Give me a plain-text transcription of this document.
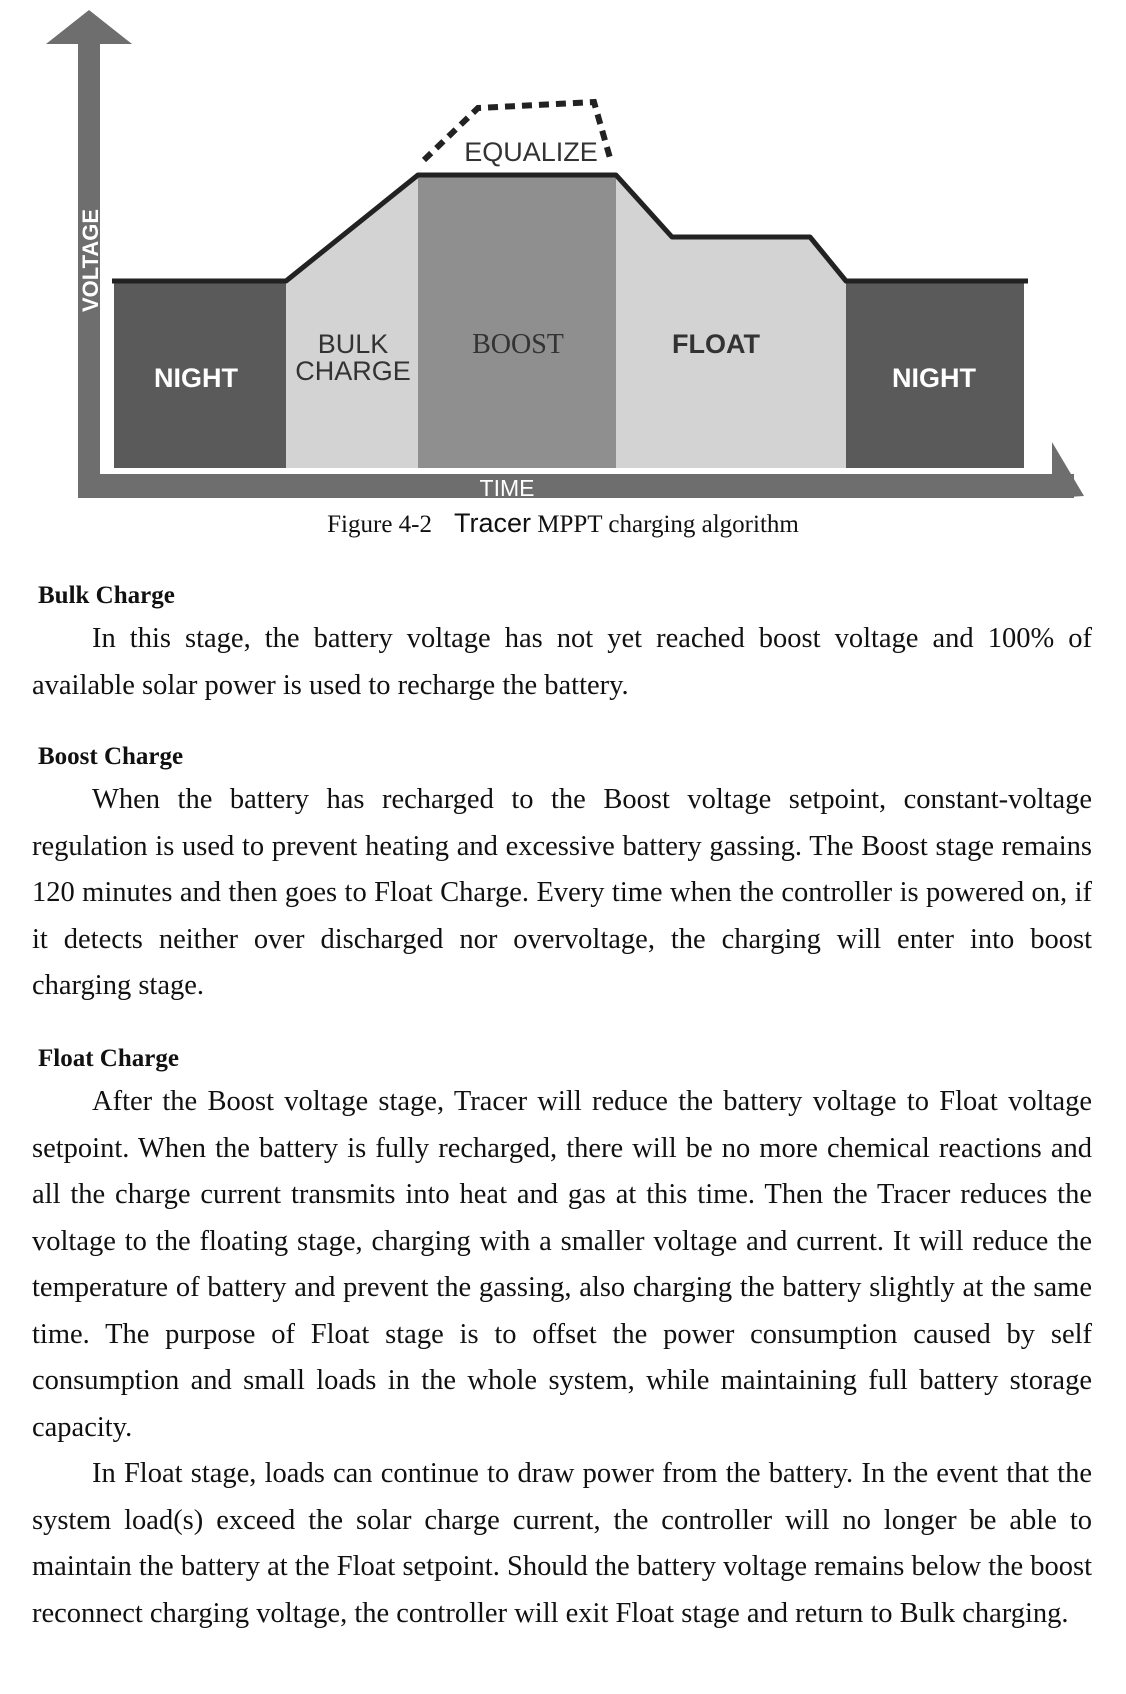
VOLTAGE
TIME
NIGHT
BULK
CHARGE
BOOST	FLOAT
NIGHT
EQUALIZE
Figure 4-2 Tracer MPPT charging algorithm
Bulk Charge

In this stage, the battery voltage has not yet reached boost voltage and 100% of available solar power is used to recharge the battery.

Boost Charge

When the battery has recharged to the Boost voltage setpoint, constant-voltage regulation is used to prevent heating and excessive battery gassing. The Boost stage remains 120 minutes and then goes to Float Charge. Every time when the controller is powered on, if it detects neither over discharged nor overvoltage, the charging will enter into boost charging stage.

Float Charge

After the Boost voltage stage, Tracer will reduce the battery voltage to Float voltage setpoint. When the battery is fully recharged, there will be no more chemical reactions and all the charge current transmits into heat and gas at this time. Then the Tracer reduces the voltage to the floating stage, charging with a smaller voltage and current. It will reduce the temperature of battery and prevent the gassing, also charging the battery slightly at the same time. The purpose of Float stage is to offset the power consumption caused by self consumption and small loads in the whole system, while maintaining full battery storage capacity.

In Float stage, loads can continue to draw power from the battery. In the event that the system load(s) exceed the solar charge current, the controller will no longer be able to maintain the battery at the Float setpoint. Should the battery voltage remains below the boost reconnect charging voltage, the controller will exit Float stage and return to Bulk charging.
